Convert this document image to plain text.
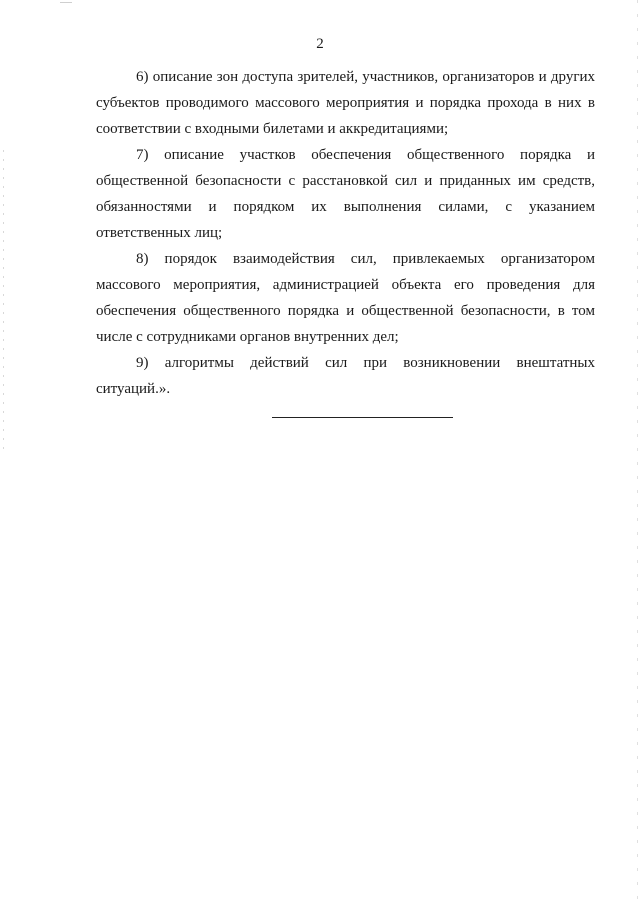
2

6) описание зон доступа зрителей, участников, организаторов и других субъектов проводимого массового мероприятия и порядка прохода в них в соответствии с входными билетами и аккредитациями;

7) описание участков обеспечения общественного порядка и общественной безопасности с расстановкой сил и приданных им средств, обязанностями и порядком их выполнения силами, с указанием ответственных лиц;

8) порядок взаимодействия сил, привлекаемых организатором массового мероприятия, администрацией объекта его проведения для обеспечения общественного порядка и общественной безопасности, в том числе с сотрудниками органов внутренних дел;

9) алгоритмы действий сил при возникновении внештатных ситуаций.».
